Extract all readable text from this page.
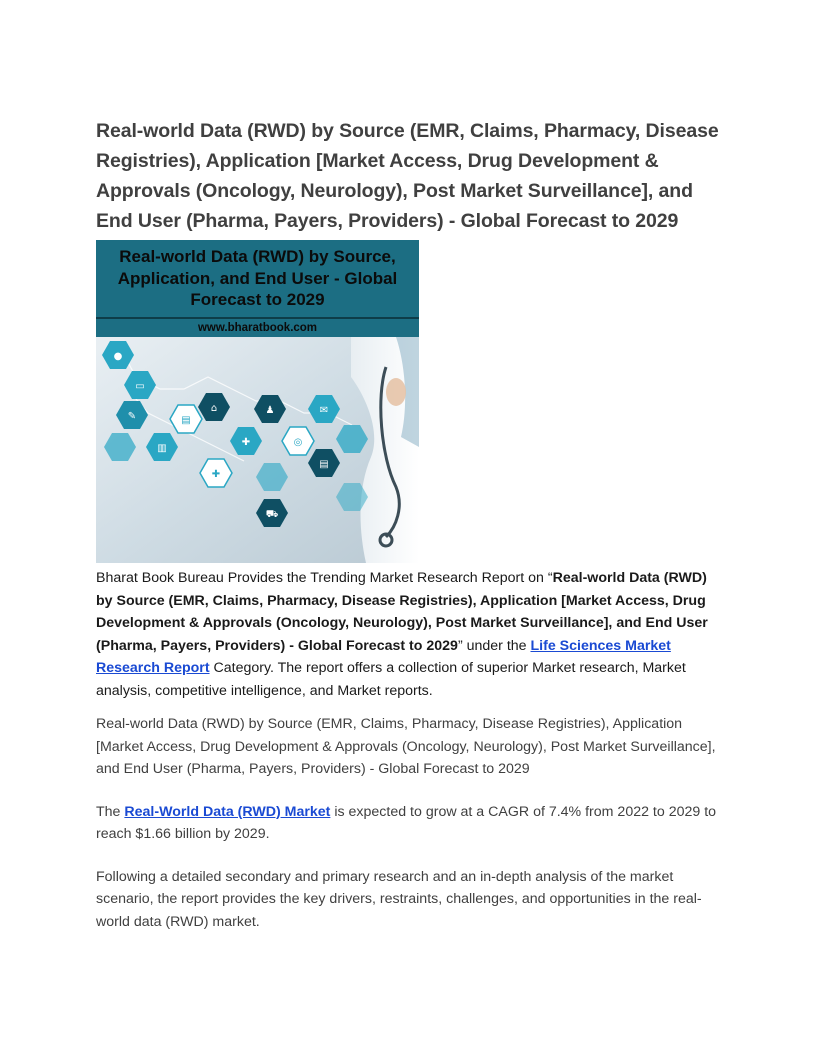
Real-world Data (RWD) by Source (EMR, Claims, Pharmacy, Disease Registries), Application [Market Access, Drug Development & Approvals (Oncology, Neurology), Post Market Surveillance], and End User (Pharma, Payers, Providers) - Global Forecast to 2029
Real-world Data (RWD) by Source, Application, and End User - Global Forecast to 2029
www.bharatbook.com
●
▭
✎
▥
⌂
✚
♟	✉
▤
⛟
▤
◎
✚

Bharat Book Bureau Provides the Trending Market Research Report on “Real-world Data (RWD) by Source (EMR, Claims, Pharmacy, Disease Registries), Application [Market Access, Drug Development & Approvals (Oncology, Neurology), Post Market Surveillance], and End User (Pharma, Payers, Providers) - Global Forecast to 2029” under the Life Sciences Market Research Report Category. The report offers a collection of superior Market research, Market analysis, competitive intelligence, and Market reports.

Real-world Data (RWD) by Source (EMR, Claims, Pharmacy, Disease Registries), Application [Market Access, Drug Development & Approvals (Oncology, Neurology), Post Market Surveillance], and End User (Pharma, Payers, Providers) - Global Forecast to 2029

The Real-World Data (RWD) Market is expected to grow at a CAGR of 7.4% from 2022 to 2029 to reach $1.66 billion by 2029.

Following a detailed secondary and primary research and an in-depth analysis of the market scenario, the report provides the key drivers, restraints, challenges, and opportunities in the real-world data (RWD) market.
